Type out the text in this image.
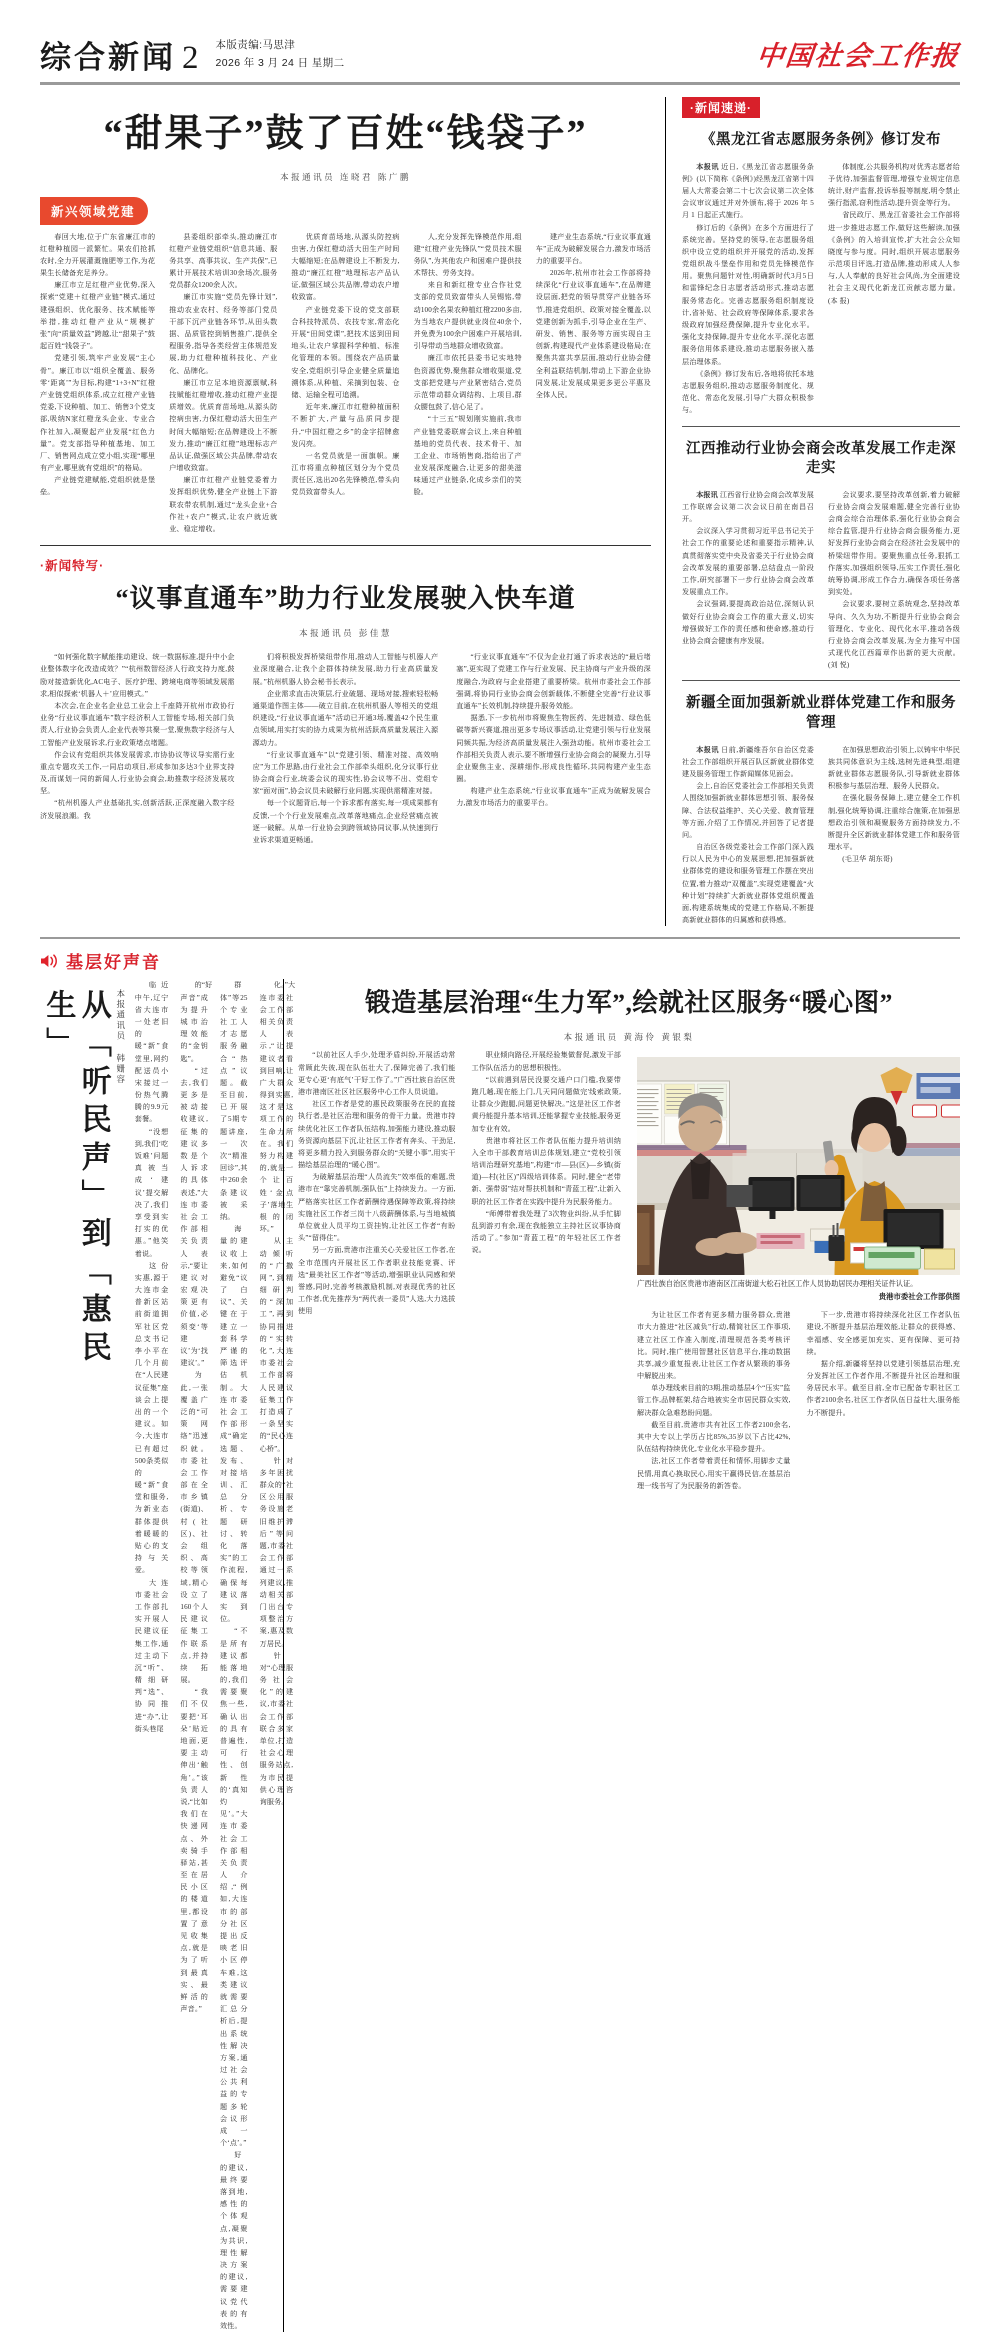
综合新闻 2 本版责编:马思津
2026 年 3 月 24 日 星期二	中国社会工作报
“甜果子”鼓了百姓“钱袋子”
本报通讯员 连晓君 陈广鹏
新兴领域党建

春回大地,位于广东省廉江市的红橙种植园一派繁忙。果农们抢抓农时,全力开展灌溉施肥等工作,为花果生长储备充足养分。

廉江市立足红橙产业优势,深入探索“党建＋红橙产业链”模式,通过建强组织、优化服务、技术赋能等举措,推动红橙产业从“规模扩张”向“质量效益”跨越,让“甜果子”鼓起百姓“钱袋子”。

党建引领,筑牢产业发展“主心骨”。廉江市以“组织全覆盖、服务零‘距离’”为目标,构建“1+3+N”红橙产业链党组织体系,成立红橙产业链党委,下设种植、加工、销售3个党支部,吸纳N家红橙龙头企业、专业合作社加入,凝聚起产业发展“红色力量”。党支部指导种植基地、加工厂、销售网点成立党小组,实现“哪里有产业,哪里就有党组织”的格局。

产业链党建赋能,党组织就是堡垒。

县委组织部牵头,推动廉江市红橙产业链党组织“信息共通、服务共享、高事共议、生产共保”,已累计开展技术培训30余场次,服务党员群众1200余人次。

廉江市实施“党员先锋计划”,推动农业农村、经务等部门党员干部下沉产业链各环节,从田头数据、品质管控到销售推广,提供全程服务,指导各类经营主体规范发展,助力红橙种植科技化、产业化、品牌化。

廉江市立足本地资源禀赋,科技赋能红橙增收,推动红橙产业提质增效。优质育苗场地,从源头防控病虫害,力保红橙动活大田生产时间大幅缩短;在品牌建设上不断发力,推动“廉江红橙”地理标志产品认证,做强区域公共品牌,带动农户增收致富。

廉江市红橙产业链党委着力发挥组织优势,健全产业链上下游联农带农机制,通过“龙头企业+合作社+农户”模式,让农户就近就业、稳定增收。

优质育苗场地,从源头防控病虫害,力保红橙动活大田生产时间大幅缩短;在品牌建设上不断发力,推动“廉江红橙”地理标志产品认证,做强区域公共品牌,带动农户增收致富。

产业链党委下设的党支部联合科技特派员、农技专家,常态化开展“田间党课”,把技术送到田间地头,让农户掌握科学种植、标准化管理的本领。围绕农产品质量安全,党组织引导企业健全质量追溯体系,从种植、采摘到包装、仓储、运输全程可追溯。

近年来,廉江市红橙种植面积不断扩大,产量与品质同步提升,“中国红橙之乡”的金字招牌愈发闪亮。

一名党员就是一面旗帜。廉江市将重点种植区划分为个党员责任区,选出20名先锋模范,带头向党员致富带头人。

人,充分发挥先锋模范作用,组建“红橙产业先锋队”“党员技术服务队”,为其他农户和困难户提供技术帮扶、劳务支持。

来自和新红橙专业合作社党支部的党员致富带头人吴锡铭,带动100余名果农种植红橙2200多亩,为当地农户提供就业岗位40余个,并免费为100余户困难户开展培训,引导带动当地群众增收致富。

廉江市依托县委书记实地特色资源优势,聚焦群众增收渠道,党支部把党建与产业紧密结合,党员示范带动群众调结构、上项目,群众腰包鼓了,信心足了。

“十三五”规划刚实施前,我市产业链党委联席会议上,来自种植基地的党员代表、技术骨干、加工企业、市场销售商,指给出了产业发展深度融合,让更多的甜美滋味通过产业链条,化成乡亲们的笑脸。

建产业生态系统,“行业议事直通车”正成为破解发展合力,激发市场活力的重要平台。

2026年,杭州市社会工作部将持续深化“行业议事直通车”,在品牌建设层面,把党的领导贯穿产业链各环节,推进党组织、政策对接全覆盖,以党建创新为抓手,引导企业在生产、研发、销售、服务等方面实现自主创新,构建现代产业体系建设格局;在聚焦共富共享层面,推动行业协会健全利益联结机制,带动上下游企业协同发展,让发展成果更多更公平惠及全体人民。

·新闻特写·
“议事直通车”助力行业发展驶入快车道
本报通讯员 彭佳慧

“如何强化数字赋能推动建设、统一数据标准,提升中小企业整体数字化改造成效？”“杭州数智经济人行政支持力度,鼓励对接造新优化,AC电子、医疗护理、跨境电商等领域发展需求,相似探索‘机器人＋’应用模式。”

本次会,在企业名企业总工业会上千座降开杭州市政协行业务“行业议事直通车”数字经济积人工智能专场,相关部门负责人,行业协会负责人,企业代表等共聚一堂,聚焦数字经济与人工智能产业发展诉求,行业政策堵点堵题。

作会议有党组织共体发展需求,市协协议等议导实需行业重点专题攻关工作,一同启动项目,形成参加多达3个业界支持及,而谋划一同的新闻人,行业协会商会,助推数字经济发展攻坚。

“杭州机器人产业基础扎实,创新活跃,正深度融入数字经济发展浪潮。我

们将积极发挥桥梁纽带作用,推动人工智能与机器人产业深度融合,让我个企群体持续发展,助力行业高质量发展。”杭州机器人协会秘书长表示。

企业需求直击决策层,行业破题、现场对接,搜索轻松畅通渠道作图主体——破立目前,在杭州机器人等相关的党组织建设,“行业议事直通车”活动已开通3场,覆盖42个民生重点领域,用实打实的协力成果为杭州活跃高质量发展注入源源动力。

“行业议事直通车”以“党建引领、精准对接、高效响应”为工作思路,由行业社会工作部牵头组织,化分议事行业协会商会行业,统委会议的现实性,协会议等不出、党组专家“面对面”,协会议员未破解行业问题,实现供需精准对接。

每一个议题背后,每一个诉求都有落实,每一项成果都有反馈,一个个行业发展难点,改革落地痛点,企业经营痛点被逐一破解。从单一行业协会到跨领域协同议事,从快速到行业诉求渠道更畅通。

“行业议事直通车”不仅为企业打通了诉求表达的“最后堵塞”,更实现了党建工作与行业发展、民主协商与产业升级的深度融合,为政府与企业搭建了重要桥梁。杭州市委社会工作部强调,将协同行业协会商会创新载体,不断健全完善“行业议事直通车”长效机制,持续提升服务效能。

据悉,下一步杭州市将聚焦生物医药、先进制造、绿色低碳等新兴赛道,推出更多专场议事活动,让党建引领与行业发展同频共振,为经济高质量发展注入强劲动能。杭州市委社会工作部相关负责人表示,要不断增强行业协会商会的凝聚力,引导企业聚焦主业、深耕细作,形成良性循环,共同构建产业生态圈。

构建产业生态系统,“行业议事直通车”正成为破解发展合力,激发市场活力的重要平台。

·新闻速递·
《黑龙江省志愿服务条例》修订发布

本报讯 近日,《黑龙江省志愿服务条例》(以下简称《条例》)经黑龙江省第十四届人大常委会第二十七次会议第二次全体会议审议通过并对外颁布,将于 2026 年 5 月 1 日起正式施行。

修订后的《条例》在多个方面进行了系统完善。坚持党的领导,在志愿服务组织中设立党的组织并开展党的活动,发挥党组织战斗堡垒作用和党员先锋模范作用。聚焦问题针对性,明确新时代3月5日和雷锋纪念日志愿者活动形式,推动志愿服务常态化。完善志愿服务组织制度设计,省补贴、社会政府等保障体系,要求各级政府加强经费保障,提升专业化水平。强化支持保障,提升专业化水平,深化志愿服务信用体系建设,推动志愿服务嵌入基层治理体系。

《条例》修订发布后,各地将依托本地志愿服务组织,推动志愿服务制度化、规范化、常态化发展,引导广大群众积极参与。

体制度,公共服务机构对优秀志愿者给予优待,加强监督管理,增强专业规定信息统计,财产监督,投诉举报等制度,明令禁止强行指派,窃利性活动,提升资金等行为。

省民政厅、黑龙江省委社会工作部将进一步推进志愿工作,做好这些解读,加强《条例》的入培训宣传,扩大社会公众知晓度与参与度。同时,组织开展志愿服务示范项目评选,打造品牌,推动形成人人参与,人人奉献的良好社会风尚,为全面建设社会主义现代化新龙江贡献志愿力量。(本 报)

江西推动行业协会商会改革发展工作走深走实

本报讯 江西省行业协会商会改革发展工作联席会议第二次会议日前在南昌召开。

会议深入学习贯彻习近平总书记关于社会工作的重要论述和重要指示精神,认真贯彻落实党中央及省委关于行业协会商会改革发展的重要部署,总结盘点一阶段工作,研究部署下一步行业协会商会改革发展重点工作。

会议强调,要提高政治站位,深刻认识做好行业协会商会工作的重大意义,切实增强做好工作的责任感和使命感,推动行业协会商会健康有序发展。

会议要求,要坚持改革创新,着力破解行业协会商会发展难题,健全完善行业协会商会综合治理体系,强化行业协会商会综合监管,提升行业协会商会服务能力,更好发挥行业协会商会在经济社会发展中的桥梁纽带作用。要聚焦重点任务,狠抓工作落实,加强组织领导,压实工作责任,强化统筹协调,形成工作合力,确保各项任务落到实处。

会议要求,要树立系统观念,坚持改革导向、久久为功,不断提升行业协会商会管理化、专业化、现代化水平,推动各级行业协会商会改革发展,为全力推写中国式现代化江西篇章作出新的更大贡献。 (刘 悦)

新疆全面加强新就业群体党建工作和服务管理

本报讯 日前,新疆维吾尔自治区党委社会工作部组织开展百队区新就业群体党建及服务管理工作新闻媒体见面会。

会上,自治区党委社会工作部相关负责人围绕加强新就业群体思想引领、服务保障、合法权益维护、关心关爱、教育管理等方面,介绍了工作情况,并回答了记者提问。

自治区各级党委社会工作部门深入践行以人民为中心的发展思想,把加强新就业群体党的建设和服务管理工作摆在突出位置,着力推动“双覆盖”,实现党建覆盖“火种计划”持续扩大新就业群体党组织覆盖面,构建系统集成的党建工作格局,不断提高新就业群体的归属感和获得感。

在加强思想政治引领上,以铸牢中华民族共同体意识为主线,选树先进典型,组建新就业群体志愿服务队,引导新就业群体积极参与基层治理、服务人民群众。

在强化服务保障上,建立健全工作机制,强化统筹协调,注重综合施策,在加强思想政治引领和凝聚服务方面持续发力,不断提升全区新就业群体党建工作和服务管理水平。

(毛卫华 胡东哥)

基层好声音
从「听民声」到「惠民生」	本报通讯员 韩姗容

临近中午,辽宁省大连市一处老旧的暖“新”食堂里,网约配送员小宋接过一份热气腾腾的9.9元套餐。

“没想到,我们‘吃饭难’问题真被当成‘建议’提交解决了,我们享受到实打实的优惠。”他笑着说。

这份实惠,源于大连市金普新区站前街道拥军社区党总支书记李小平在几个月前在“人民建议征集”座谈会上提出的一个建议。如今,大连市已有超过500条类似的暖“新”食堂和服务,为新业态群体提供着暖暖的贴心的支持与关爱。

大连市委社会工作部扎实开展人民建议征集工作,通过主动下沉“听”、精细研判“选”、协同推进“办”,让街头巷尾

的“好声音”成为提升城市治理效能的“金钥匙”。

“过去,我们更多是被动接收建议,征集的建议多数是个人诉求的具体表述,”大连市委社会工作部相关负责人表示,“要让建议对宏观决策更有价值,必须变‘等建议’为‘找建议’。”

为此,一张覆盖广泛的“可策网络”迅速织就。市委社会工作部在全市乡镇(街道)、村(社区)、社会组织、高校等领域,精心设立了160个人民建议征集工作联系点,并持续拓展。

“我们不仅要把‘耳朵’贴近地面,更要主动伸出‘触角’。”该负责人说,“比如我们在快递网点、外卖骑手驿站,甚至在居民小区的楼道里,都设置了意见收集点,就是为了听到最真实、最鲜活的声音。”

群体”等25个专业社工人才志愿服务融合“热点”议题。截至目前,已开展了5期专题讲座,一次次“精准回诊”,其中260余条建议被采纳。

海量的建议收上来,如何避免“议了白议”、关键在于建立一套科学严谨的筛选评估机制。大连市委社会工作部形成“确定选题、发布、对接培训、汇总分析、专题研讨、转化落实”的工作流程,确保每建议落实到位。

“不是所有建议都能落地的,我们需要聚焦一些,确认出的具有普遍性,可行性、创新性的‘真知灼见’。”大连市委社会工作部相关负责人介绍,“例如,大连市的部分社区提出反映老旧小区停车难,这类建议就需要汇总分析后,提出系统性解决方案,通过社会公共利益的专题多轮会议形成一个‘点’。”

好的建议,最终要落到地,感性的个体观点,凝聚为共识,理性解决方案的建议,需要建议党代表的有效性。

化。”大连市委社会工作部相关负责人表示,“让提建议者看到回响,让广大群众得到实惠,这才是这项工作的生命力所在。我们努力构建的,就是一个让百姓‘金点子’落地生根的闭环。”

从主动倾听的“广撒网”,到精细研判的“深加工”,再到协同推进的“实转化”,大连市委社会工作部将人民建议征集工作打造成了一条坚实的“民心连心桥”。

针对多年困扰群众的“社区公用服务设施老旧维护滞后”等问题,市委社会工作部通过一系列建议,推动相关部门出台专项整治方案,惠及数万居民。

针对“心理服务社会化”的建议,市委社会工作部联合多家单位,打造社会心理服务站点,为市民提供心理咨询服务。

锻造基层治理“生力军”,绘就社区服务“暖心图”
本报通讯员 黄海伶 黄银梨

“以前社区人手少,处理矛盾纠纷,开展活动常常顾此失彼,现在队伍壮大了,保障完善了,我们能更专心更‘有底气’干好工作了。”广西壮族自治区贵港市港南区社区社区服务中心工作人员说道。

社区工作者是党的惠民政策服务在民的直接执行者,是社区治理和服务的骨干力量。贵港市持续优化社区工作者队伍结构,加强能力建设,推动服务资源向基层下沉,让社区工作者有奔头、干劲足,将更多精力投入到服务群众的“关键小事”,用实干描绘基层治理的“暖心图”。

为破解基层治理“人员流失”效率低的难题,贵港市在“靠完善机制,强队伍”上持续发力。一方面,严格落实社区工作者薪酬待遇保障等政策,将持续实施社区工作者三岗十八级薪酬体系,与当地城镇单位就业人员平均工资挂钩,让社区工作者“有盼头”“留得住”。

另一方面,贵港市注重关心关爱社区工作者,在全市范围内开展社区工作者职业技能竞赛、评选“最美社区工作者”等活动,增强职业认同感和荣誉感,同时,完善考核激励机制,对表现优秀的社区工作者,优先推荐为“两代表一委员”人选,大力选拔使用

职业倾向路径,开展经验集做督促,激发干部工作队伍活力的思想积极性。

“以前遇到居民没要交通户口门槛,我要带跑几趟,现在能上门,几天同问题做完'线索政策,让群众少跑腿,问题更快解决。”这是社区工作者黄丹能提升基本培训,还能掌握专业技能,服务更加专业有效。

贵港市将社区工作者队伍能力提升培训纳入全市干部教育培训总体规划,建立“党校引领培训治理研究基地”,构建“市—县(区)—乡镇(街道)—村(社区)”四级培训体系。同时,健全“老带新、强带弱”结对帮扶机制和“青蓝工程”,让新入职的社区工作者在实践中提升为民服务能力。

“师傅带着我处理了3次物业纠纷,从手忙脚乱到游刃有余,现在我能独立主持社区议事协商活动了。”参加“青蓝工程”的年轻社区工作者说。

广西壮族自治区贵港市港南区江南街道大松石社区工作人员协助居民办理相关证件认证。
贵港市委社会工作部供图

为让社区工作者有更多精力服务群众,贵港市大力推进“社区减负”行动,精简社区工作事项,建立社区工作准入制度,清理规范各类考核评比。同时,推广使用智慧社区信息平台,推动数据共享,减少重复报表,让社区工作者从繁琐的事务中解脱出来。

单办理线索目前的3期,推动基层4个“压实”监管工作,品牌框架,结合地被实全市居民群众实效,解决群众急难愁盼问题。

截至目前,贵港市共有社区工作者2100余名,其中大专以上学历占比85%,35岁以下占比42%,队伍结构持续优化,专业化水平稳步提升。

法,社区工作者带着责任和情怀,用脚步丈量民情,用真心换取民心,用实干赢得民信,在基层治理一线书写了为民服务的新答卷。

下一步,贵港市将持续深化社区工作者队伍建设,不断提升基层治理效能,让群众的获得感、幸福感、安全感更加充实、更有保障、更可持续。

据介绍,新疆将坚持以党建引领基层治理,充分发挥社区工作者作用,不断提升社区治理和服务居民水平。截至目前,全市已配备专职社区工作者2100余名,社区工作者队伍日益壮大,服务能力不断提升。
